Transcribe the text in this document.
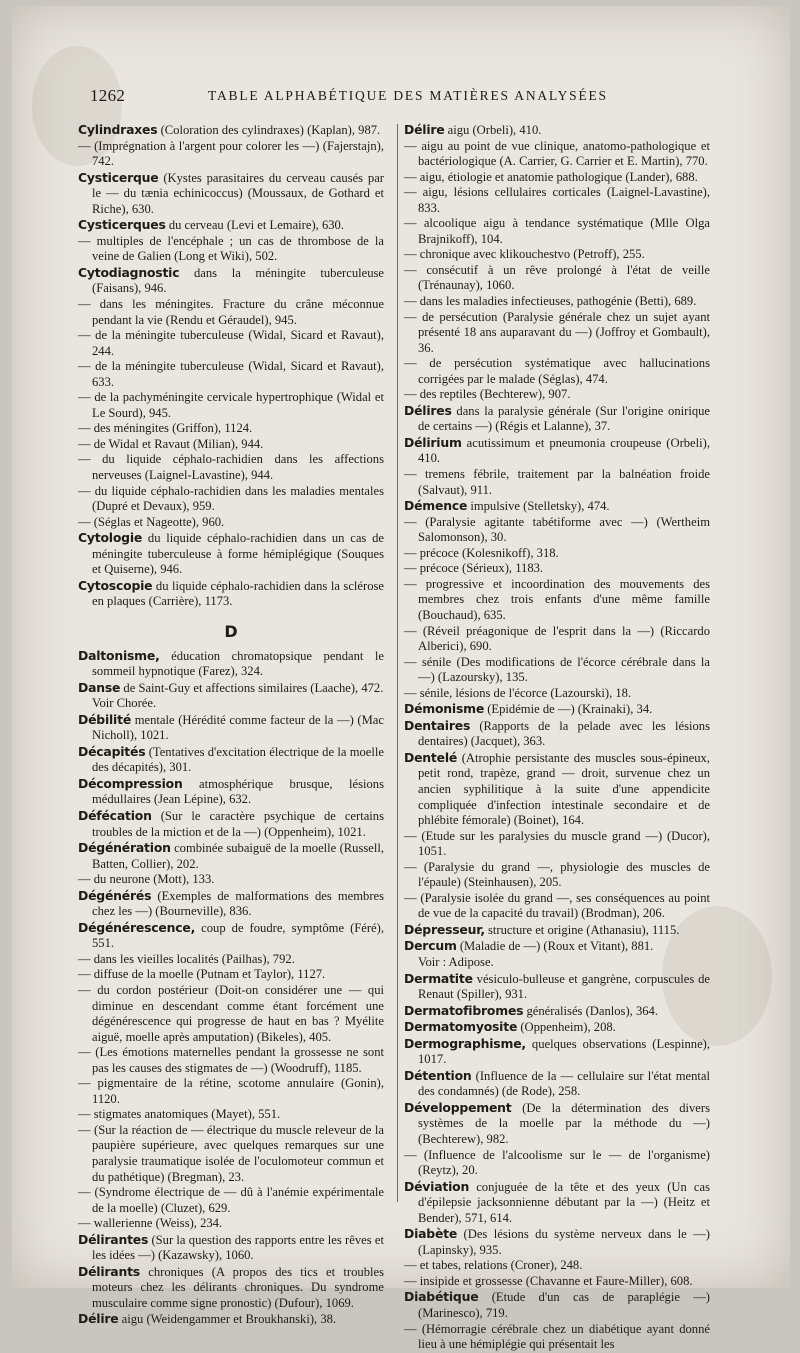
1262	TABLE ALPHABÉTIQUE DES MATIÈRES ANALYSÉES

Cylindraxes (Coloration des cylindraxes) (Kaplan), 987.

— (Imprégnation à l'argent pour colorer les —) (Fajerstajn), 742.

Cysticerque (Kystes parasitaires du cerveau causés par le — du tænia echinicoccus) (Moussaux, de Gothard et Riche), 630.

Cysticerques du cerveau (Levi et Lemaire), 630.

— multiples de l'encéphale ; un cas de thrombose de la veine de Galien (Long et Wiki), 502.

Cytodiagnostic dans la méningite tuberculeuse (Faisans), 946.

— dans les méningites. Fracture du crâne méconnue pendant la vie (Rendu et Géraudel), 945.

— de la méningite tuberculeuse (Widal, Sicard et Ravaut), 244.

— de la méningite tuberculeuse (Widal, Sicard et Ravaut), 633.

— de la pachyméningite cervicale hypertrophique (Widal et Le Sourd), 945.

— des méningites (Griffon), 1124.

— de Widal et Ravaut (Milian), 944.

— du liquide céphalo-rachidien dans les affections nerveuses (Laignel-Lavastine), 944.

— du liquide céphalo-rachidien dans les maladies mentales (Dupré et Devaux), 959.

— (Séglas et Nageotte), 960.

Cytologie du liquide céphalo-rachidien dans un cas de méningite tuberculeuse à forme hémiplégique (Souques et Quiserne), 946.

Cytoscopie du liquide céphalo-rachidien dans la sclérose en plaques (Carrière), 1173.

D

Daltonisme, éducation chromatopsique pendant le sommeil hypnotique (Farez), 324.

Danse de Saint-Guy et affections similaires (Laache), 472.

Voir Chorée.

Débilité mentale (Hérédité comme facteur de la —) (Mac Nicholl), 1021.

Décapités (Tentatives d'excitation électrique de la moelle des décapités), 301.

Décompression atmosphérique brusque, lésions médullaires (Jean Lépine), 632.

Défécation (Sur le caractère psychique de certains troubles de la miction et de la —) (Oppenheim), 1021.

Dégénération combinée subaiguë de la moelle (Russell, Batten, Collier), 202.

— du neurone (Mott), 133.

Dégénérés (Exemples de malformations des membres chez les —) (Bourneville), 836.

Dégénérescence, coup de foudre, symptôme (Féré), 551.

— dans les vieilles localités (Pailhas), 792.

— diffuse de la moelle (Putnam et Taylor), 1127.

— du cordon postérieur (Doit-on considérer une — qui diminue en descendant comme étant forcément une dégénérescence qui progresse de haut en bas ? Myélite aiguë, moelle après amputation) (Bikeles), 405.

— (Les émotions maternelles pendant la grossesse ne sont pas les causes des stigmates de —) (Woodruff), 1185.

— pigmentaire de la rétine, scotome annulaire (Gonin), 1120.

— stigmates anatomiques (Mayet), 551.

— (Sur la réaction de — électrique du muscle releveur de la paupière supérieure, avec quelques remarques sur une paralysie traumatique isolée de l'oculomoteur commun et du pathétique) (Bregman), 23.

— (Syndrome électrique de — dû à l'anémie expérimentale de la moelle) (Cluzet), 629.

— wallerienne (Weiss), 234.

Délirantes (Sur la question des rapports entre les rêves et les idées —) (Kazawsky), 1060.

Délirants chroniques (A propos des tics et troubles moteurs chez les délirants chroniques. Du syndrome musculaire comme signe pronostic) (Dufour), 1069.

Délire aigu (Weidengammer et Broukhanski), 38.

Délire aigu (Orbeli), 410.

— aigu au point de vue clinique, anatomo-pathologique et bactériologique (A. Carrier, G. Carrier et E. Martin), 770.

— aigu, étiologie et anatomie pathologique (Lander), 688.

— aigu, lésions cellulaires corticales (Laignel-Lavastine), 833.

— alcoolique aigu à tendance systématique (Mlle Olga Brajnikoff), 104.

— chronique avec klikouchestvo (Petroff), 255.

— consécutif à un rêve prolongé à l'état de veille (Trénaunay), 1060.

— dans les maladies infectieuses, pathogénie (Betti), 689.

— de persécution (Paralysie générale chez un sujet ayant présenté 18 ans auparavant du —) (Joffroy et Gombault), 36.

— de persécution systématique avec hallucinations corrigées par le malade (Séglas), 474.

— des reptiles (Bechterew), 907.

Délires dans la paralysie générale (Sur l'origine onirique de certains —) (Régis et Lalanne), 37.

Délirium acutissimum et pneumonia croupeuse (Orbeli), 410.

— tremens fébrile, traitement par la balnéation froide (Salvaut), 911.

Démence impulsive (Stelletsky), 474.

— (Paralysie agitante tabétiforme avec —) (Wertheim Salomonson), 30.

— précoce (Kolesnikoff), 318.

— précoce (Sérieux), 1183.

— progressive et incoordination des mouvements des membres chez trois enfants d'une même famille (Bouchaud), 635.

— (Réveil préagonique de l'esprit dans la —) (Riccardo Alberici), 690.

— sénile (Des modifications de l'écorce cérébrale dans la —) (Lazoursky), 135.

— sénile, lésions de l'écorce (Lazourski), 18.

Démonisme (Epidémie de —) (Krainaki), 34.

Dentaires (Rapports de la pelade avec les lésions dentaires) (Jacquet), 363.

Dentelé (Atrophie persistante des muscles sous-épineux, petit rond, trapèze, grand — droit, survenue chez un ancien syphilitique à la suite d'une appendicite compliquée d'infection intestinale secondaire et de phlébite fémorale) (Boinet), 164.

— (Etude sur les paralysies du muscle grand —) (Ducor), 1051.

— (Paralysie du grand —, physiologie des muscles de l'épaule) (Steinhausen), 205.

— (Paralysie isolée du grand —, ses conséquences au point de vue de la capacité du travail) (Brodman), 206.

Dépresseur, structure et origine (Athanasiu), 1115.

Dercum (Maladie de —) (Roux et Vitant), 881.

Voir : Adipose.

Dermatite vésiculo-bulleuse et gangrène, corpuscules de Renaut (Spiller), 931.

Dermatofibromes généralisés (Danlos), 364.

Dermatomyosite (Oppenheim), 208.

Dermographisme, quelques observations (Lespinne), 1017.

Détention (Influence de la — cellulaire sur l'état mental des condamnés) (de Rode), 258.

Développement (De la détermination des divers systèmes de la moelle par la méthode du —) (Bechterew), 982.

— (Influence de l'alcoolisme sur le — de l'organisme) (Reytz), 20.

Déviation conjuguée de la tête et des yeux (Un cas d'épilepsie jacksonnienne débutant par la —) (Heitz et Bender), 571, 614.

Diabète (Des lésions du système nerveux dans le —) (Lapinsky), 935.

— et tabes, relations (Croner), 248.

— insipide et grossesse (Chavanne et Faure-Miller), 608.

Diabétique (Etude d'un cas de paraplégie —) (Marinesco), 719.

— (Hémorragie cérébrale chez un diabétique ayant donné lieu à une hémiplégie qui présentait les
